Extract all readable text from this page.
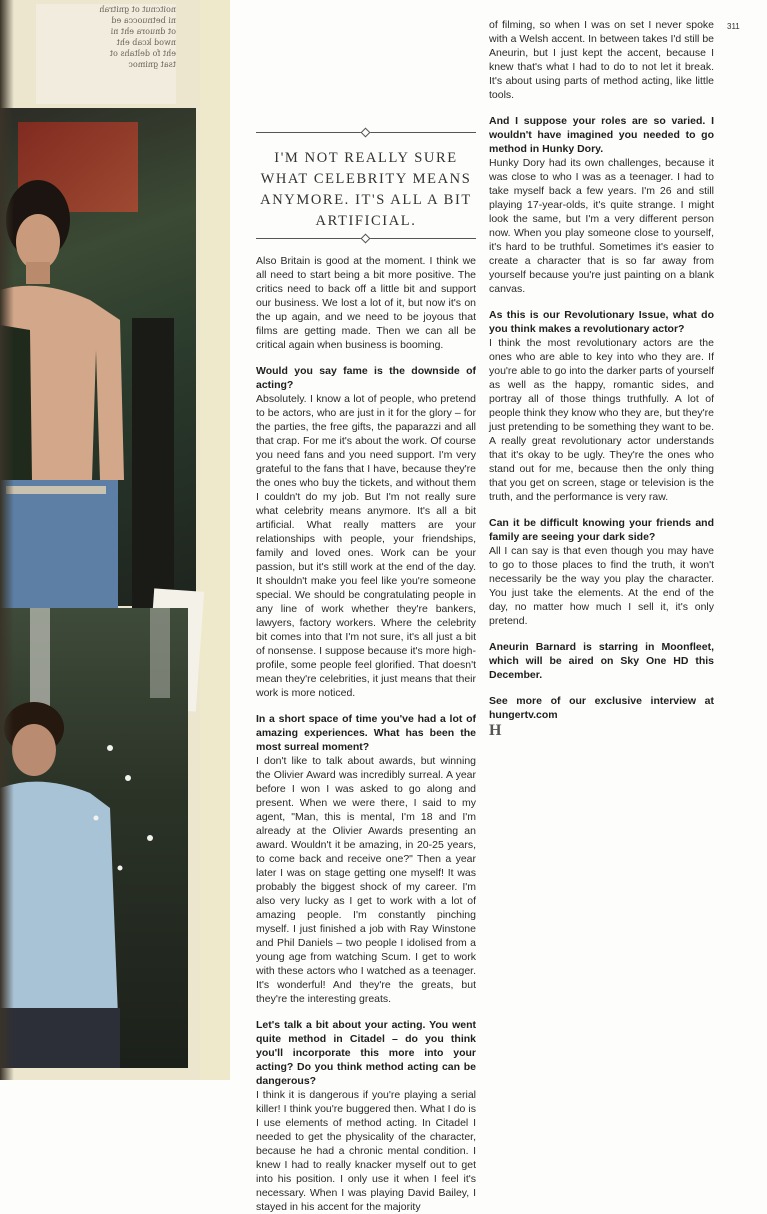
noitcnut ot gnitrah
ni betnuocca ed
ot dnuora eht ni
nwod kcab eht
eht fo deltahs ot
tsat gnimoc
I'M NOT REALLY SURE WHAT CELEBRITY MEANS ANYMORE. IT'S ALL A BIT ARTIFICIAL.

Also Britain is good at the moment. I think we all need to start being a bit more positive. The critics need to back off a little bit and support our business. We lost a lot of it, but now it's on the up again, and we need to be joyous that films are getting made. Then we can all be critical again when business is booming.

Would you say fame is the downside of acting?

Absolutely. I know a lot of people, who pretend to be actors, who are just in it for the glory – for the parties, the free gifts, the paparazzi and all that crap. For me it's about the work. Of course you need fans and you need support. I'm very grateful to the fans that I have, because they're the ones who buy the tickets, and without them I couldn't do my job. But I'm not really sure what celebrity means anymore. It's all a bit artificial. What really matters are your relationships with people, your friendships, family and loved ones. Work can be your passion, but it's still work at the end of the day. It shouldn't make you feel like you're someone special. We should be congratulating people in any line of work whether they're bankers, lawyers, factory workers. Where the celebrity bit comes into that I'm not sure, it's all just a bit of nonsense. I suppose because it's more high-profile, some people feel glorified. That doesn't mean they're celebrities, it just means that their work is more noticed.

In a short space of time you've had a lot of amazing experiences. What has been the most surreal moment?

I don't like to talk about awards, but winning the Olivier Award was incredibly surreal. A year before I won I was asked to go along and present. When we were there, I said to my agent, "Man, this is mental, I'm 18 and I'm already at the Olivier Awards presenting an award. Wouldn't it be amazing, in 20-25 years, to come back and receive one?" Then a year later I was on stage getting one myself! It was probably the biggest shock of my career. I'm also very lucky as I get to work with a lot of amazing people. I'm constantly pinching myself. I just finished a job with Ray Winstone and Phil Daniels – two people I idolised from a young age from watching Scum. I get to work with these actors who I watched as a teenager. It's wonderful! And they're the greats, but they're the interesting greats.

Let's talk a bit about your acting. You went quite method in Citadel – do you think you'll incorporate this more into your acting? Do you think method acting can be dangerous?

I think it is dangerous if you're playing a serial killer! I think you're buggered then. What I do is I use elements of method acting. In Citadel I needed to get the physicality of the character, because he had a chronic mental condition. I knew I had to really knacker myself out to get into his position. I only use it when I feel it's necessary. When I was playing David Bailey, I stayed in his accent for the majority

of filming, so when I was on set I never spoke with a Welsh accent. In between takes I'd still be Aneurin, but I just kept the accent, because I knew that's what I had to do to not let it break. It's about using parts of method acting, like little tools.

And I suppose your roles are so varied. I wouldn't have imagined you needed to go method in Hunky Dory.

Hunky Dory had its own challenges, because it was close to who I was as a teenager. I had to take myself back a few years. I'm 26 and still playing 17-year-olds, it's quite strange. I might look the same, but I'm a very different person now. When you play someone close to yourself, it's hard to be truthful. Sometimes it's easier to create a character that is so far away from yourself because you're just painting on a blank canvas.

As this is our Revolutionary Issue, what do you think makes a revolutionary actor?

I think the most revolutionary actors are the ones who are able to key into who they are. If you're able to go into the darker parts of yourself as well as the happy, romantic sides, and portray all of those things truthfully. A lot of people think they know who they are, but they're just pretending to be something they want to be. A really great revolutionary actor understands that it's okay to be ugly. They're the ones who stand out for me, because then the only thing that you get on screen, stage or television is the truth, and the performance is very raw.

Can it be difficult knowing your friends and family are seeing your dark side?

All I can say is that even though you may have to go to those places to find the truth, it won't necessarily be the way you play the character. You just take the elements. At the end of the day, no matter how much I sell it, it's only pretend.

Aneurin Barnard is starring in Moonfleet, which will be aired on Sky One HD this December.

See more of our exclusive interview at hungertv.com

H
311
